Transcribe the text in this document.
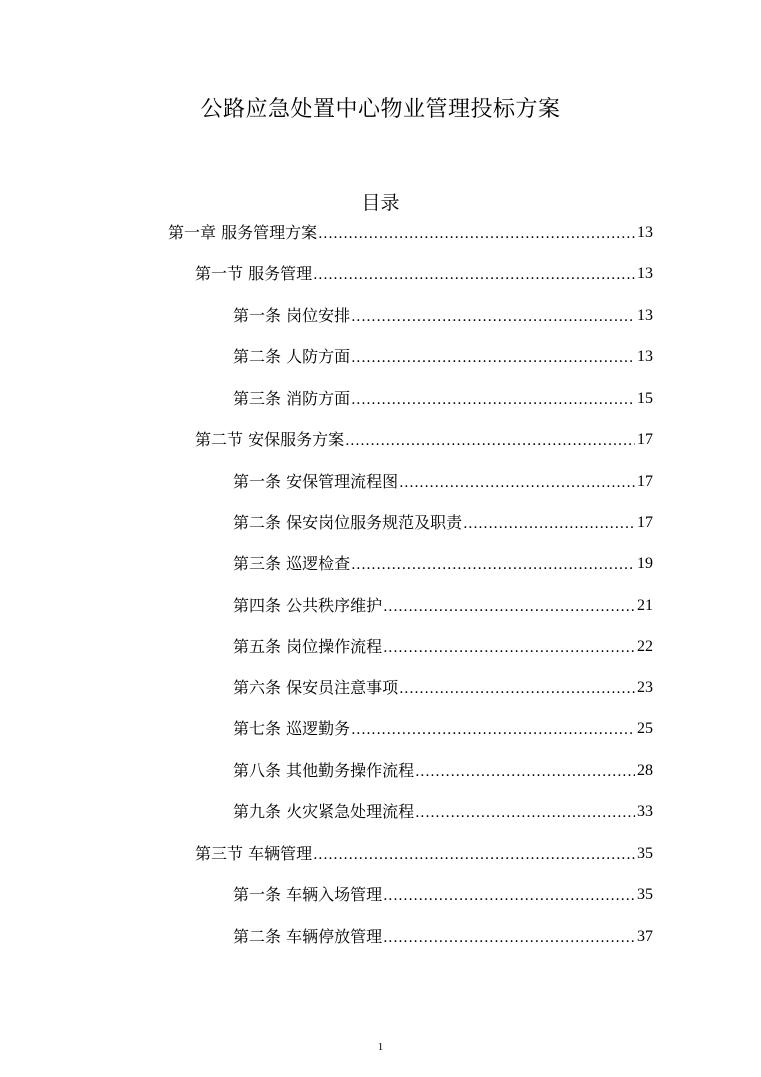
公路应急处置中心物业管理投标方案
目录
第一章 服务管理方案 .....	13
第一节 服务管理 .....	13
第一条 岗位安排 .....	13
第二条 人防方面 .....	13
第三条 消防方面 .....	15
第二节 安保服务方案 .....	17
第一条 安保管理流程图 .....	17
第二条 保安岗位服务规范及职责 .....	17
第三条 巡逻检查 .....	19
第四条 公共秩序维护 .....	21
第五条 岗位操作流程 .....	22
第六条 保安员注意事项 .....	23
第七条 巡逻勤务 .....	25
第八条 其他勤务操作流程 .....	28
第九条 火灾紧急处理流程 .....	33
第三节 车辆管理 .....	35
第一条 车辆入场管理 .....	35
第二条 车辆停放管理 .....	37
1
